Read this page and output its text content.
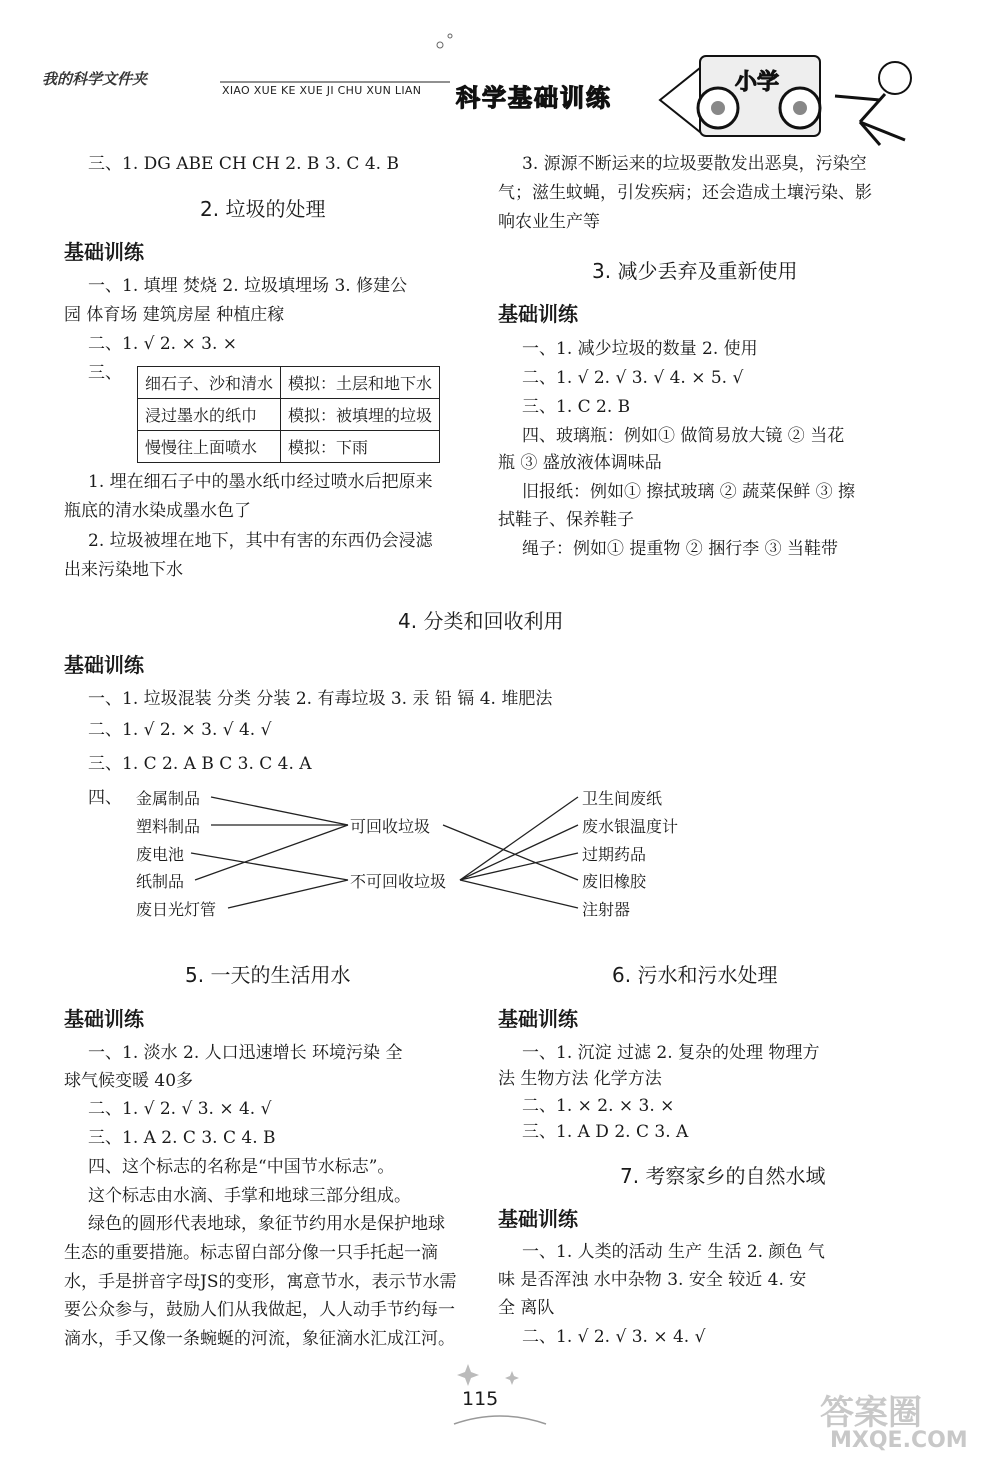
我的科学文件夹
XIAO XUE KE XUE JI CHU XUN LIAN 科学基础训练
小学
三、1. DG ABE CH CH 2. B 3. C 4. B
2. 垃圾的处理
基础训练
一、1. 填埋 焚烧 2. 垃圾填埋场 3. 修建公
园 体育场 建筑房屋 种植庄稼
二、1. √ 2. × 3. ×
三、
细石子、沙和清水	模拟：土层和地下水
浸过墨水的纸巾	模拟：被填埋的垃圾
慢慢往上面喷水	模拟：下雨
1. 埋在细石子中的墨水纸巾经过喷水后把原来
瓶底的清水染成墨水色了
2. 垃圾被埋在地下，其中有害的东西仍会浸滤
出来污染地下水
3. 源源不断运来的垃圾要散发出恶臭，污染空
气；滋生蚊蝇，引发疾病；还会造成土壤污染、影
响农业生产等
3. 减少丢弃及重新使用
基础训练
一、1. 减少垃圾的数量 2. 使用
二、1. √ 2. √ 3. √ 4. × 5. √
三、1. C 2. B
四、玻璃瓶：例如① 做简易放大镜 ② 当花
瓶 ③ 盛放液体调味品
旧报纸：例如① 擦拭玻璃 ② 蔬菜保鲜 ③ 擦
拭鞋子、保养鞋子
绳子：例如① 提重物 ② 捆行李 ③ 当鞋带
4. 分类和回收利用
基础训练
一、1. 垃圾混装 分类 分装 2. 有毒垃圾 3. 汞 铅 镉 4. 堆肥法
二、1. √ 2. × 3. √ 4. √
三、1. C 2. A B C 3. C 4. A
四、 金属制品
塑料制品
废电池
纸制品
废日光灯管
可回收垃圾
不可回收垃圾
卫生间废纸
废水银温度计
过期药品
废旧橡胶
注射器
5. 一天的生活用水
基础训练
一、1. 淡水 2. 人口迅速增长 环境污染 全
球气候变暖 40多
二、1. √ 2. √ 3. × 4. √
三、1. A 2. C 3. C 4. B
四、这个标志的名称是“中国节水标志”。
这个标志由水滴、手掌和地球三部分组成。
绿色的圆形代表地球，象征节约用水是保护地球
生态的重要措施。标志留白部分像一只手托起一滴
水，手是拼音字母JS的变形，寓意节水，表示节水需
要公众参与，鼓励人们从我做起，人人动手节约每一
滴水，手又像一条蜿蜒的河流，象征滴水汇成江河。
6. 污水和污水处理
基础训练
一、1. 沉淀 过滤 2. 复杂的处理 物理方
法 生物方法 化学方法
二、1. × 2. × 3. ×
三、1. A D 2. C 3. A
7. 考察家乡的自然水域
基础训练
一、1. 人类的活动 生产 生活 2. 颜色 气
味 是否浑浊 水中杂物 3. 安全 较近 4. 安
全 离队
二、1. √ 2. √ 3. × 4. √
115	答案圈
MXQE.COM
